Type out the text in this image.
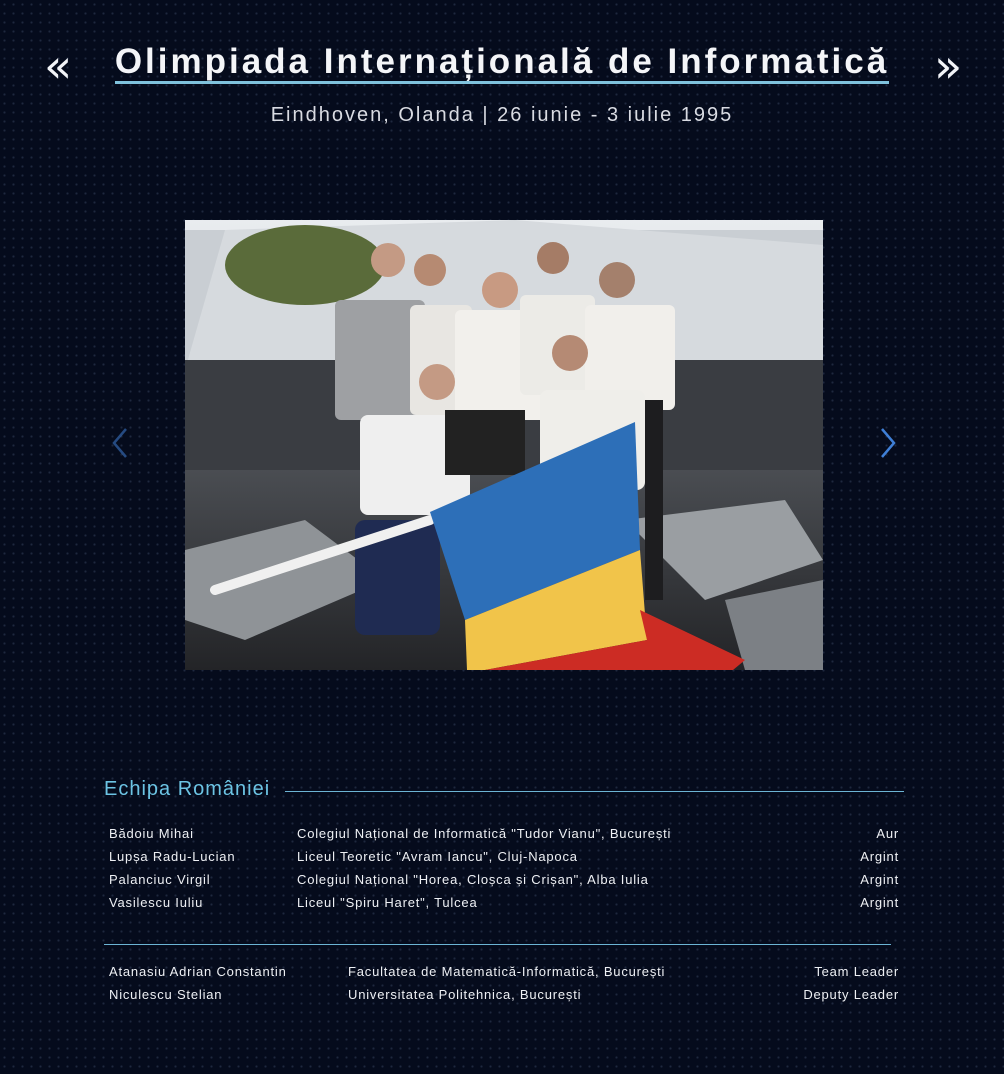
«	Olimpiada Internațională de Informatică »
Eindhoven, Olanda | 26 iunie - 3 iulie 1995
Echipa României
Bădoiu Mihai	Colegiul Național de Informatică "Tudor Vianu", București	Aur
Lupșa Radu-Lucian	Liceul Teoretic "Avram Iancu", Cluj-Napoca	Argint
Palanciuc Virgil	Colegiul Național "Horea, Cloșca și Crișan", Alba Iulia	Argint
Vasilescu Iuliu	Liceul "Spiru Haret", Tulcea	Argint
Atanasiu Adrian Constantin	Facultatea de Matematică-Informatică, București	Team Leader
Niculescu Stelian	Universitatea Politehnica, București	Deputy Leader
